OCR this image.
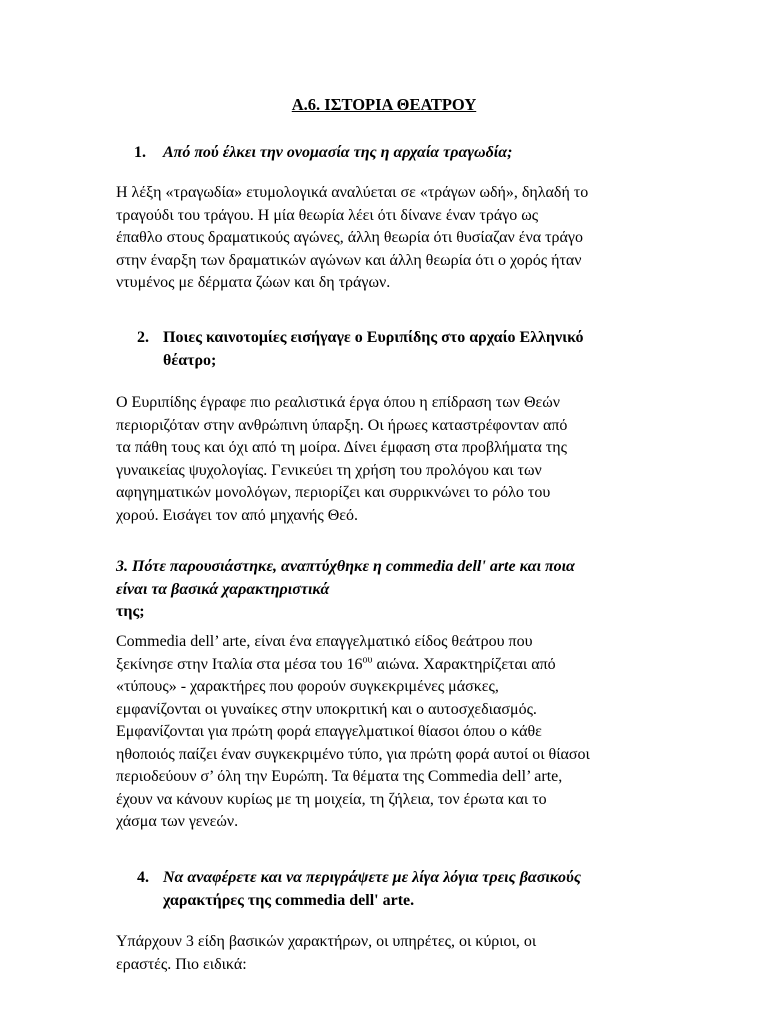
Α.6. ΙΣΤΟΡΙΑ ΘΕΑΤΡΟΥ
1.	Από πού έλκει την ονομασία της η αρχαία τραγωδία;
Η λέξη «τραγωδία» ετυμολογικά αναλύεται σε «τράγων ωδή», δηλαδή το
τραγούδι του τράγου. Η μία θεωρία λέει ότι δίνανε έναν τράγο ως
έπαθλο στους δραματικούς αγώνες, άλλη θεωρία ότι θυσίαζαν ένα τράγο
στην έναρξη των δραματικών αγώνων και άλλη θεωρία ότι ο χορός ήταν
ντυμένος με δέρματα ζώων και δη τράγων.
2. Ποιες καινοτομίες εισήγαγε ο Ευριπίδης στο αρχαίο Ελληνικό
θέατρο;
Ο Ευριπίδης έγραφε πιο ρεαλιστικά έργα όπου η επίδραση των Θεών
περιοριζόταν στην ανθρώπινη ύπαρξη. Οι ήρωες καταστρέφονταν από
τα πάθη τους και όχι από τη μοίρα. Δίνει έμφαση στα προβλήματα της
γυναικείας ψυχολογίας. Γενικεύει τη χρήση του προλόγου και των
αφηγηματικών μονολόγων, περιορίζει και συρρικνώνει το ρόλο του
χορού. Εισάγει τον από μηχανής Θεό.
3. Πότε παρουσιάστηκε, αναπτύχθηκε η commedia dell' arte και ποια
είναι τα βασικά χαρακτηριστικά
της;
Commedia dell’ arte, είναι ένα επαγγελματικό είδος θεάτρου που
ξεκίνησε στην Ιταλία στα μέσα του $16^{o\upsilon}$ αιώνα. Χαρακτηρίζεται από
«τύπους» - χαρακτήρες που φορούν συγκεκριμένες μάσκες,
εμφανίζονται οι γυναίκες στην υποκριτική και ο αυτοσχεδιασμός.
Εμφανίζονται για πρώτη φορά επαγγελματικοί θίασοι όπου ο κάθε
ηθοποιός παίζει έναν συγκεκριμένο τύπο, για πρώτη φορά αυτοί οι θίασοι
περιοδεύουν σ’ όλη την Ευρώπη. Τα θέματα της Commedia dell’ arte,
έχουν να κάνουν κυρίως με τη μοιχεία, τη ζήλεια, τον έρωτα και το
χάσμα των γενεών.
4. Να αναφέρετε και να περιγράψετε με λίγα λόγια τρεις βασικούς
χαρακτήρες της commedia dell' arte.
Υπάρχουν 3 είδη βασικών χαρακτήρων, οι υπηρέτες, οι κύριοι, οι
εραστές. Πιο ειδικά:
